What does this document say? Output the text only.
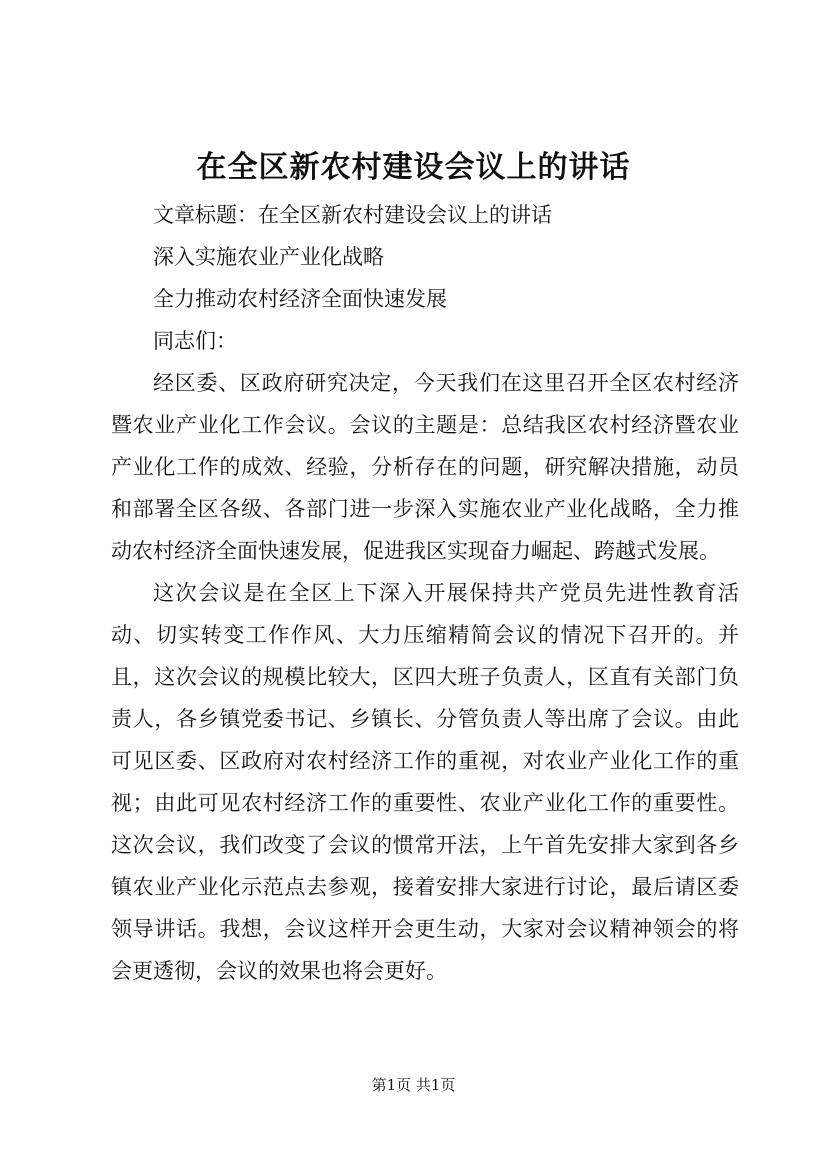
在全区新农村建设会议上的讲话

文章标题：在全区新农村建设会议上的讲话

深入实施农业产业化战略

全力推动农村经济全面快速发展

同志们：

经区委、区政府研究决定，今天我们在这里召开全区农村经济暨农业产业化工作会议。会议的主题是：总结我区农村经济暨农业产业化工作的成效、经验，分析存在的问题，研究解决措施，动员和部署全区各级、各部门进一步深入实施农业产业化战略，全力推动农村经济全面快速发展，促进我区实现奋力崛起、跨越式发展。

这次会议是在全区上下深入开展保持共产党员先进性教育活动、切实转变工作作风、大力压缩精简会议的情况下召开的。并且，这次会议的规模比较大，区四大班子负责人，区直有关部门负责人，各乡镇党委书记、乡镇长、分管负责人等出席了会议。由此可见区委、区政府对农村经济工作的重视，对农业产业化工作的重视；由此可见农村经济工作的重要性、农业产业化工作的重要性。这次会议，我们改变了会议的惯常开法，上午首先安排大家到各乡镇农业产业化示范点去参观，接着安排大家进行讨论，最后请区委领导讲话。我想，会议这样开会更生动，大家对会议精神领会的将会更透彻，会议的效果也将会更好。

第1页 共1页
